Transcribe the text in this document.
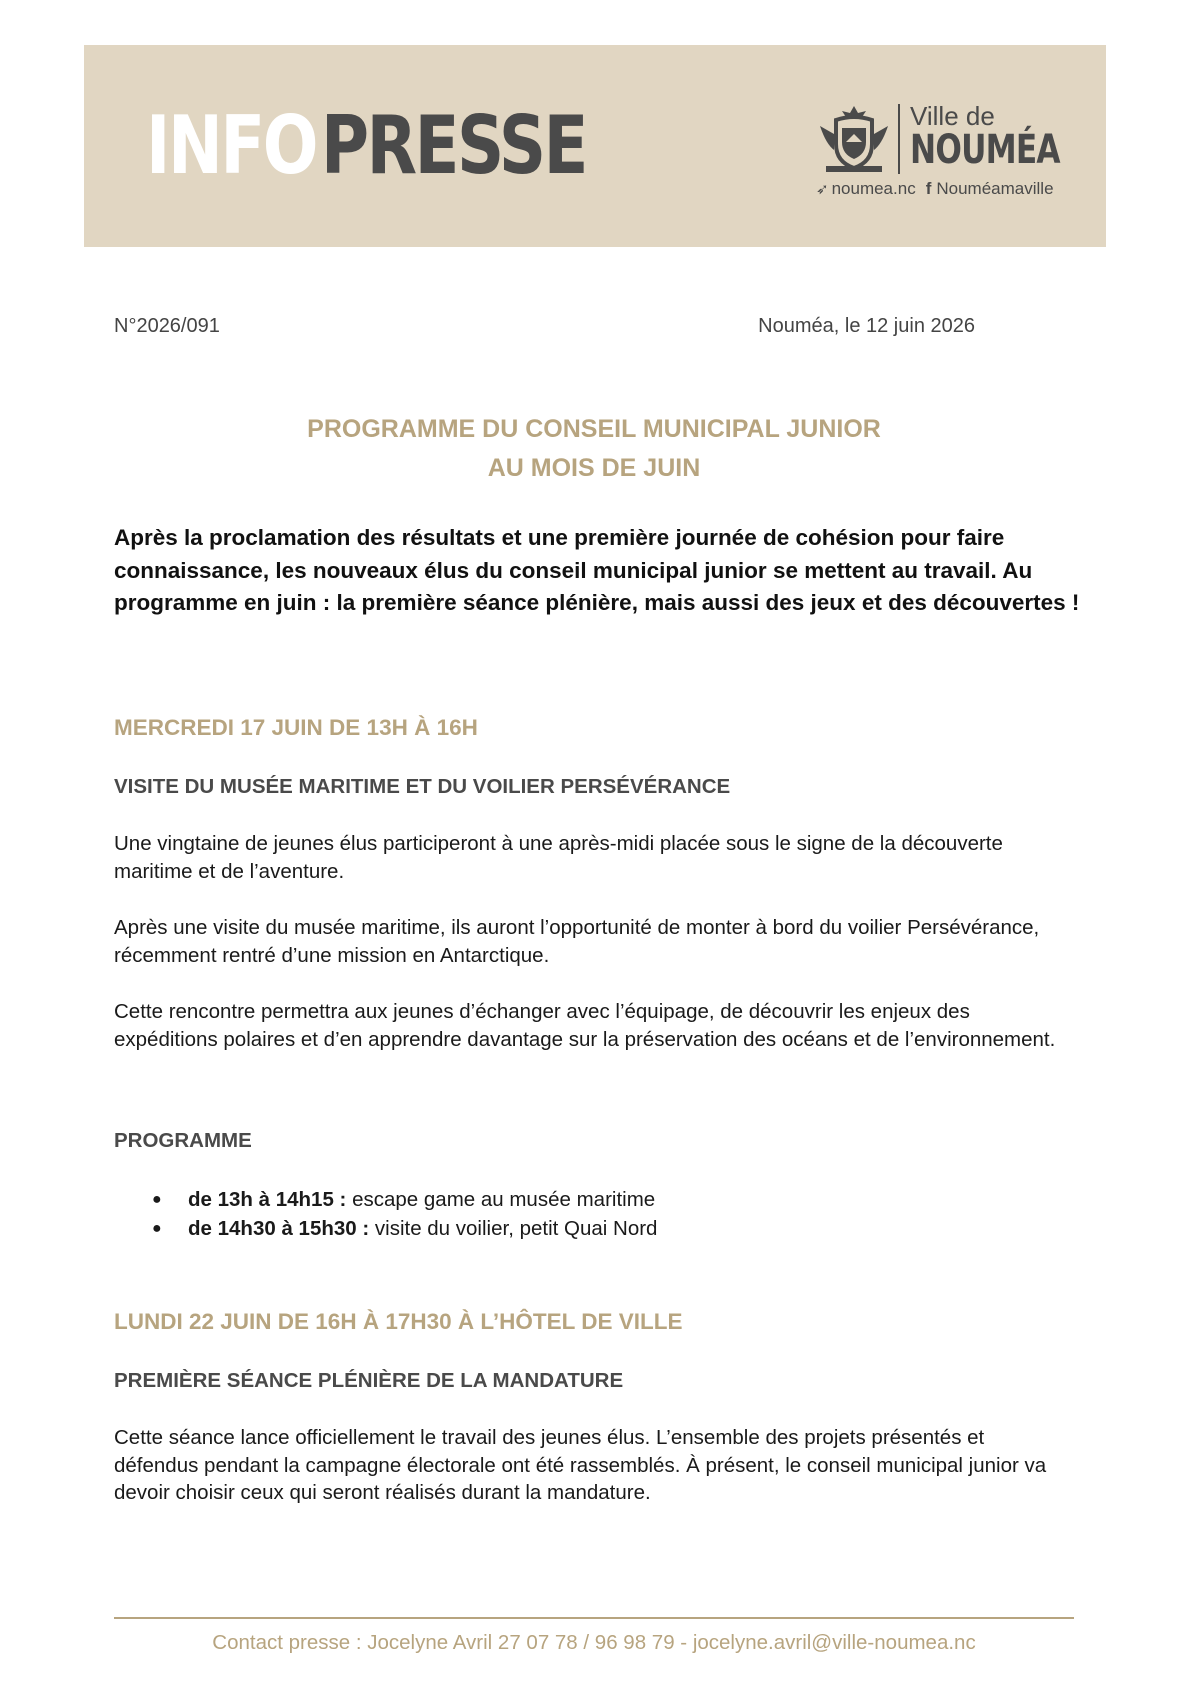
INFOPRESSE	Ville de
NOUMÉA
➶ noumea.nc f Nouméamaville
N°2026/091	Nouméa, le 12 juin 2026
PROGRAMME DU CONSEIL MUNICIPAL JUNIOR
AU MOIS DE JUIN
Après la proclamation des résultats et une première journée de cohésion pour faire connaissance, les nouveaux élus du conseil municipal junior se mettent au travail. Au programme en juin : la première séance plénière, mais aussi des jeux et des découvertes !
MERCREDI 17 JUIN DE 13H À 16H
VISITE DU MUSÉE MARITIME ET DU VOILIER PERSÉVÉRANCE
Une vingtaine de jeunes élus participeront à une après-midi placée sous le signe de la découverte maritime et de l’aventure.
Après une visite du musée maritime, ils auront l’opportunité de monter à bord du voilier Persévérance, récemment rentré d’une mission en Antarctique.
Cette rencontre permettra aux jeunes d’échanger avec l’équipage, de découvrir les enjeux des expéditions polaires et d’en apprendre davantage sur la préservation des océans et de l’environnement.
PROGRAMME
● de 13h à 14h15 : escape game au musée maritime
● de 14h30 à 15h30 : visite du voilier, petit Quai Nord
LUNDI 22 JUIN DE 16H À 17H30 À L’HÔTEL DE VILLE
PREMIÈRE SÉANCE PLÉNIÈRE DE LA MANDATURE
Cette séance lance officiellement le travail des jeunes élus. L’ensemble des projets présentés et défendus pendant la campagne électorale ont été rassemblés. À présent, le conseil municipal junior va devoir choisir ceux qui seront réalisés durant la mandature.
Contact presse : Jocelyne Avril 27 07 78 / 96 98 79 - jocelyne.avril@ville-noumea.nc
